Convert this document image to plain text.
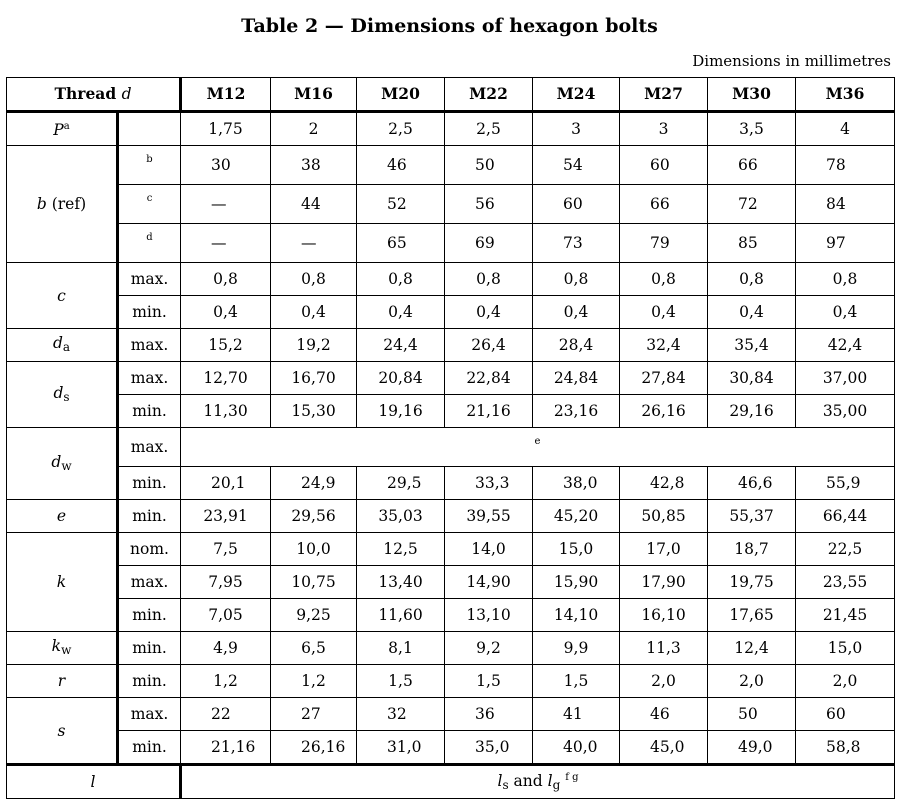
Table 2 — Dimensions of hexagon bolts
Dimensions in millimetres
Thread d		M12	M16	M20	M22	M24	M27	M30	M36
$P^a$		1,75	2	2,5	2,5	3	3	3,5	4
b (ref)	b	30	38	46	50	54	60	66	78
	c	—	44	52	56	60	66	72	84
	d	—	—	65	69	73	79	85	97
c	max.	0,8	0,8	0,8	0,8	0,8	0,8	0,8	0,8
	min.	0,4	0,4	0,4	0,4	0,4	0,4	0,4	0,4
$d_a$	max.	15,2	19,2	24,4	26,4	28,4	32,4	35,4	42,4
$d_s$	max.	12,70	16,70	20,84	22,84	24,84	27,84	30,84	37,00
	min.	11,30	15,30	19,16	21,16	23,16	26,16	29,16	35,00
$d_w$	max.	e							
	min.	20,1	24,9	29,5	33,3	38,0	42,8	46,6	55,9
e	min.	23,91	29,56	35,03	39,55	45,20	50,85	55,37	66,44
k	nom.	7,5	10,0	12,5	14,0	15,0	17,0	18,7	22,5
	max.	7,95	10,75	13,40	14,90	15,90	17,90	19,75	23,55
	min.	7,05	9,25	11,60	13,10	14,10	16,10	17,65	21,45
$k_w$	min.	4,9	6,5	8,1	9,2	9,9	11,3	12,4	15,0
r	min.	1,2	1,2	1,5	1,5	1,5	2,0	2,0	2,0
s	max.	22	27	32	36	41	46	50	60
	min.	21,16	26,16	31,0	35,0	40,0	45,0	49,0	58,8
l		$l_s$ and $l_g$ $^{f g}$
